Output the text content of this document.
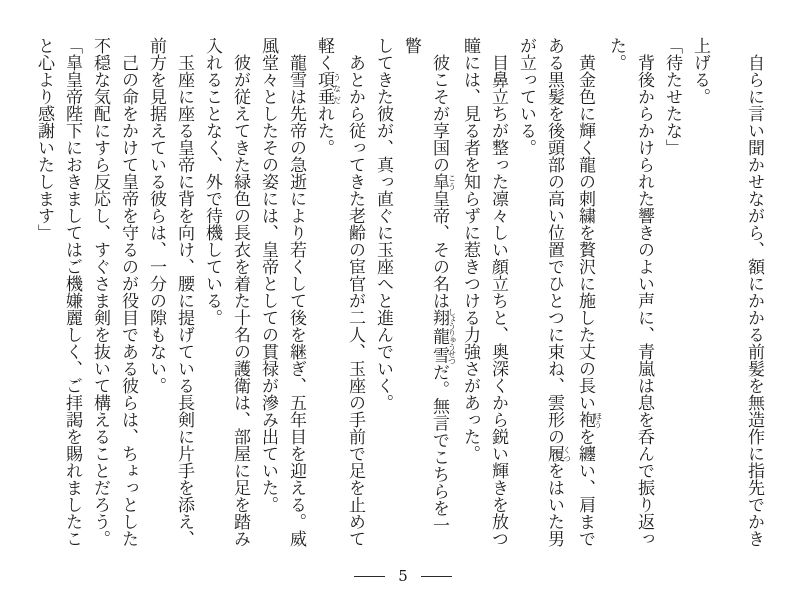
自らに言い聞かせながら、額にかかる前髪を無造作に指先でかき

上げる。

「待たせたな」

背後からかけられた響きのよい声に、青嵐は息を呑んで振り返っ

た。

黄金色に輝く龍の刺繍を贅沢に施した丈の長い袍ほうを纏い、肩まで

ある黒髪を後頭部の高い位置でひとつに束ね、雲形の履くつをはいた男

が立っている。

目鼻立ちが整った凛々しい顔立ちと、奥深くから鋭い輝きを放つ

瞳には、見る者を知らずに惹きつける力強さがあった。

彼こそが享国の皐こう皇帝、その名は翔龍雪しょうりゅうせつだ。無言でこちらを一瞥

してきた彼が、真っ直ぐに玉座へと進んでいく。

あとから従ってきた老齢の宦官が二人、玉座の手前で足を止めて

軽く項垂うなだれた。

龍雪は先帝の急逝により若くして後を継ぎ、五年目を迎える。威

風堂々としたその姿には、皇帝としての貫禄が滲み出ていた。

彼が従えてきた緑色の長衣を着た十名の護衛は、部屋に足を踏み

入れることなく、外で待機している。

玉座に座る皇帝に背を向け、腰に提げている長剣に片手を添え、

前方を見据えている彼らは、一分の隙もない。

己の命をかけて皇帝を守るのが役目である彼らは、ちょっとした

不穏な気配にすら反応し、すぐさま剣を抜いて構えることだろう。

「皐皇帝陛下におきましてはご機嫌麗しく、ご拝謁を賜れましたこ

と心より感謝いたします」

5
